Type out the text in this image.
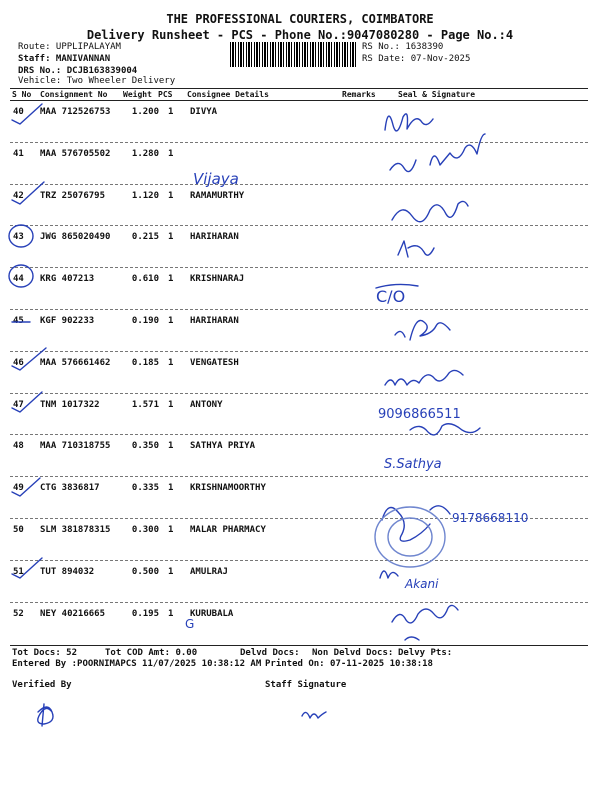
THE PROFESSIONAL COURIERS, COIMBATORE
Delivery Runsheet - PCS - Phone No.:9047080280 - Page No.:4
Route: UPPLIPALAYAM
Staff: MANIVANNAN
DRS No.: DCJB163839004
Vehicle: Two Wheeler Delivery
RS No.: 1638390
RS Date: 07-Nov-2025
S No Consignment No Weight PCS Consignee Details	Remarks	Seal & Signature
40	MAA 712526753	1.200 1	DIVYA
41	MAA 576705502	1.280 1
42	TRZ 25076795	1.120 1	RAMAMURTHY
43	JWG 865020490	0.215 1	HARIHARAN
44	KRG 407213	0.610 1	KRISHNARAJ
45	KGF 902233	0.190 1	HARIHARAN
46	MAA 576661462	0.185 1	VENGATESH
47	TNM 1017322	1.571 1	ANTONY
48	MAA 710318755	0.350 1	SATHYA PRIYA
49	CTG 3836817	0.335 1	KRISHNAMOORTHY
50	SLM 381878315	0.300 1	MALAR PHARMACY
51	TUT 894032	0.500 1	AMULRAJ
52	NEY 40216665	0.195 1	KURUBALA
Vijaya
C/O
9096866511
S.Sathya
9178668110
Akani
G
Tot Docs: 52	Tot COD Amt: 0.00	Delvd Docs: Non Delvd Docs: Delvy Pts:
Entered By :POORNIMAPCS 11/07/2025 10:38:12 AM Printed On: 07-11-2025 10:38:18
Verified By	Staff Signature
